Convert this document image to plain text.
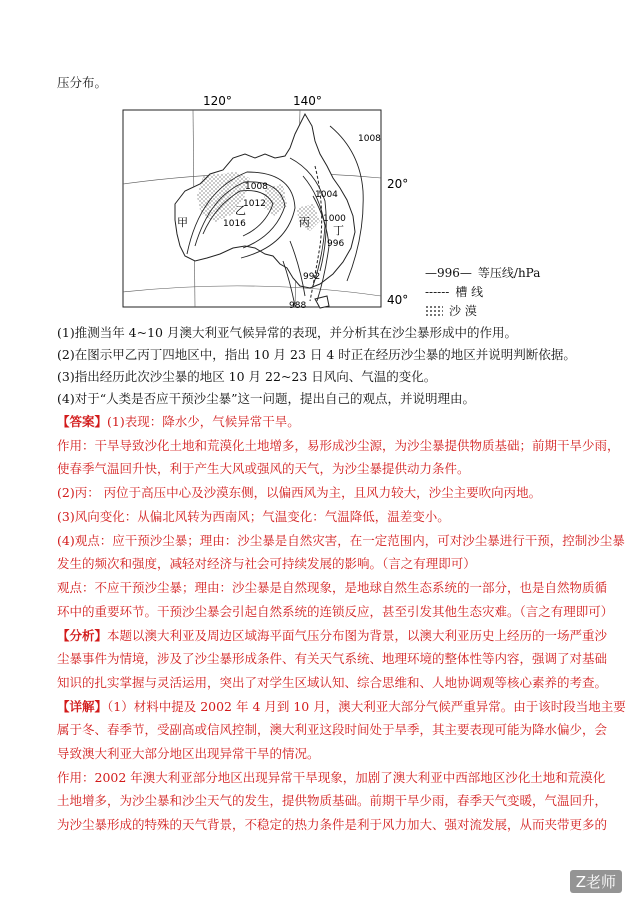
压分布。
120°	140°
20°
40°
1008
1008
1012
1016
1004
1000
996
992
988
甲
乙
丙
丁
—996— 等压线/hPa
------ 槽 线
沙 漠
(1)推测当年 4~10 月澳大利亚气候异常的表现，并分析其在沙尘暴形成中的作用。
(2)在图示甲乙丙丁四地区中，指出 10 月 23 日 4 时正在经历沙尘暴的地区并说明判断依据。
(3)指出经历此次沙尘暴的地区 10 月 22~23 日风向、气温的变化。
(4)对于“人类是否应干预沙尘暴”这一问题，提出自己的观点，并说明理由。
【答案】(1)表现：降水少，气候异常干旱。
作用：干旱导致沙化土地和荒漠化土地增多，易形成沙尘源，为沙尘暴提供物质基础；前期干旱少雨，
使春季气温回升快，利于产生大风或强风的天气，为沙尘暴提供动力条件。
(2)丙： 丙位于高压中心及沙漠东侧，以偏西风为主，且风力较大，沙尘主要吹向丙地。
(3)风向变化：从偏北风转为西南风；气温变化：气温降低，温差变小。
(4)观点：应干预沙尘暴；理由：沙尘暴是自然灾害，在一定范围内，可对沙尘暴进行干预，控制沙尘暴
发生的频次和强度，减轻对经济与社会可持续发展的影响。（言之有理即可）
观点：不应干预沙尘暴；理由：沙尘暴是自然现象，是地球自然生态系统的一部分，也是自然物质循
环中的重要环节。干预沙尘暴会引起自然系统的连锁反应，甚至引发其他生态灾难。（言之有理即可）
【分析】本题以澳大利亚及周边区域海平面气压分布图为背景，以澳大利亚历史上经历的一场严重沙
尘暴事件为情境，涉及了沙尘暴形成条件、有关天气系统、地理环境的整体性等内容，强调了对基础
知识的扎实掌握与灵活运用，突出了对学生区域认知、综合思维和、人地协调观等核心素养的考查。
【详解】（1）材料中提及 2002 年 4 月到 10 月，澳大利亚大部分气候严重异常。由于该时段当地主要
属于冬、春季节，受副高或信风控制，澳大利亚这段时间处于旱季，其主要表现可能为降水偏少，会
导致澳大利亚大部分地区出现异常干旱的情况。
作用：2002 年澳大利亚部分地区出现异常干旱现象，加剧了澳大利亚中西部地区沙化土地和荒漠化
土地增多，为沙尘暴和沙尘天气的发生，提供物质基础。前期干旱少雨，春季天气变暖，气温回升，
为沙尘暴形成的特殊的天气背景，不稳定的热力条件是利于风力加大、强对流发展，从而夹带更多的
Z老师
